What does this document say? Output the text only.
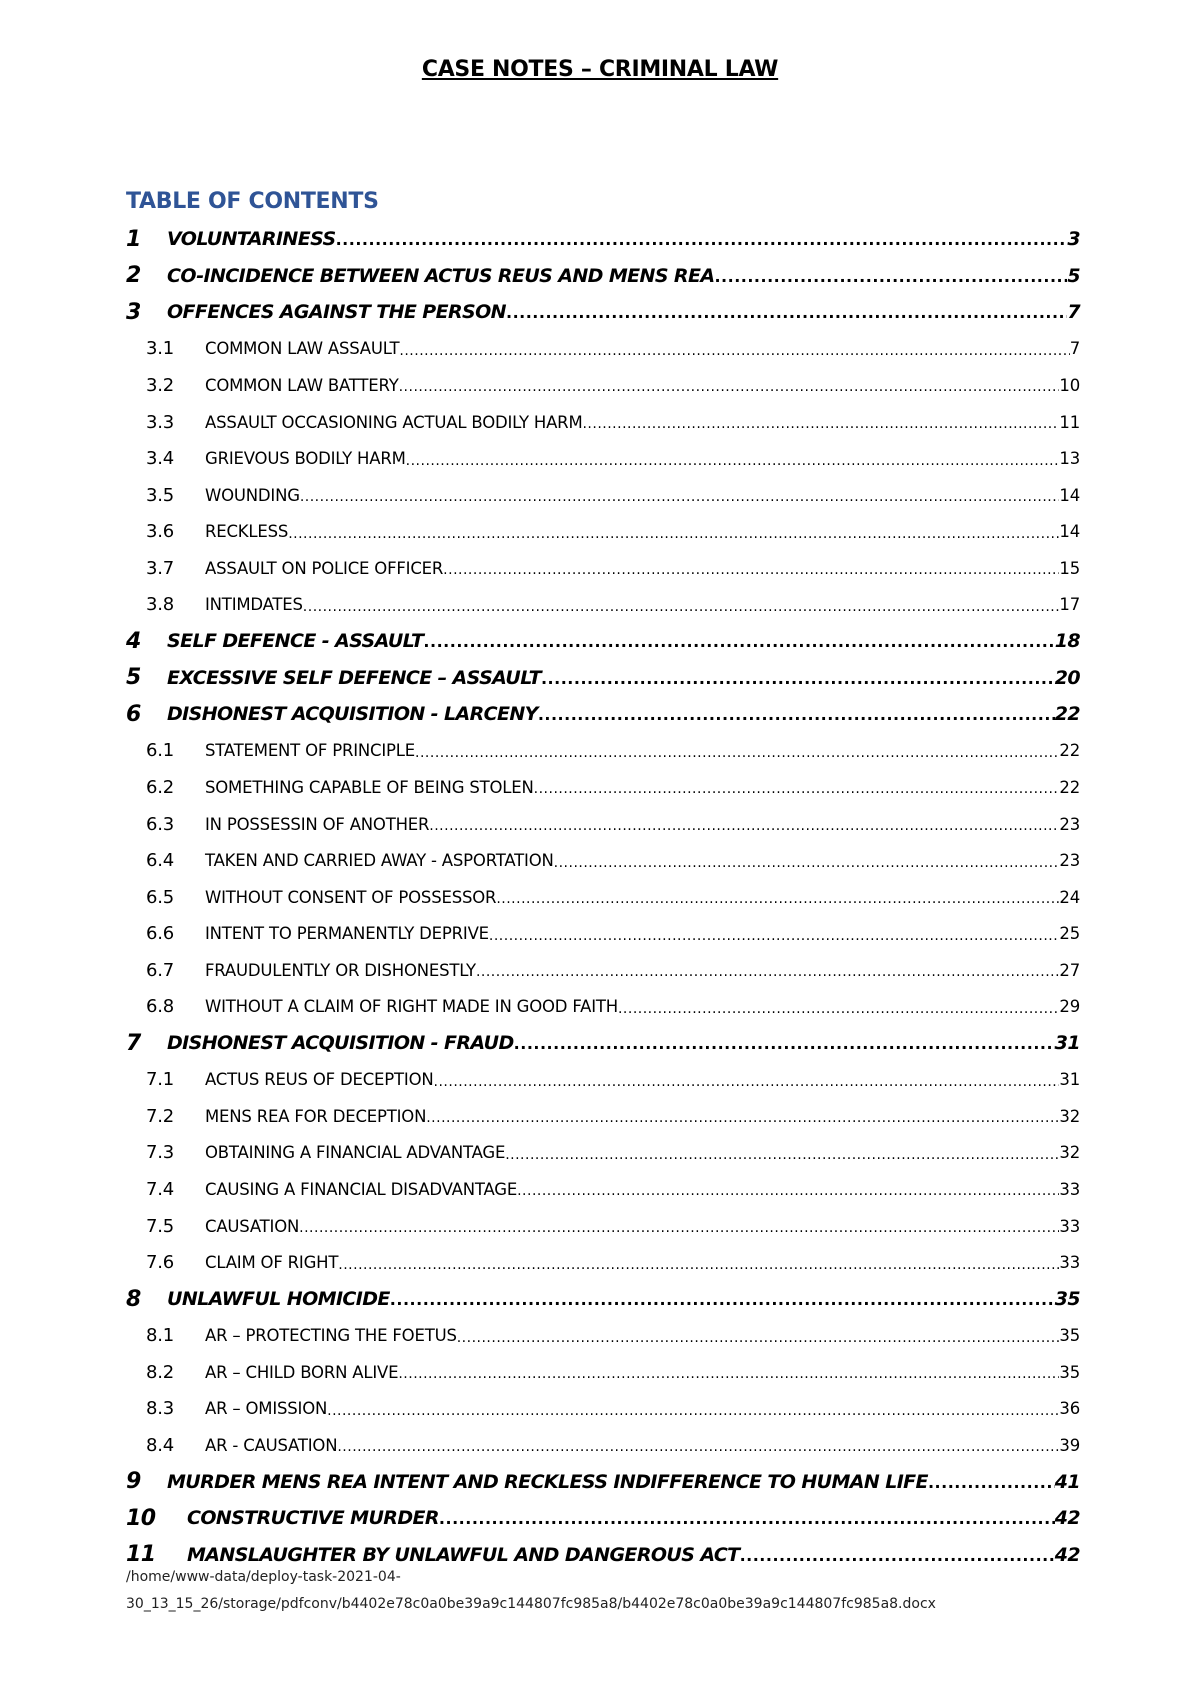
CASE NOTES – CRIMINAL LAW
TABLE OF CONTENTS
1	VOLUNTARINESS .....	3
2	CO-INCIDENCE BETWEEN ACTUS REUS AND MENS REA .....	5
3	OFFENCES AGAINST THE PERSON .....	7
3.1	COMMON LAW ASSAULT .....	7
3.2	COMMON LAW BATTERY .....	10
3.3	ASSAULT OCCASIONING ACTUAL BODILY HARM .....	11
3.4	GRIEVOUS BODILY HARM .....	13
3.5	WOUNDING .....	14
3.6	RECKLESS .....	14
3.7	ASSAULT ON POLICE OFFICER .....	15
3.8	INTIMDATES .....	17
4	SELF DEFENCE - ASSAULT .....	18
5	EXCESSIVE SELF DEFENCE – ASSAULT .....	20
6	DISHONEST ACQUISITION - LARCENY .....	22
6.1	STATEMENT OF PRINCIPLE .....	22
6.2	SOMETHING CAPABLE OF BEING STOLEN .....	22
6.3	IN POSSESSIN OF ANOTHER .....	23
6.4	TAKEN AND CARRIED AWAY - ASPORTATION .....	23
6.5	WITHOUT CONSENT OF POSSESSOR .....	24
6.6	INTENT TO PERMANENTLY DEPRIVE .....	25
6.7	FRAUDULENTLY OR DISHONESTLY .....	27
6.8	WITHOUT A CLAIM OF RIGHT MADE IN GOOD FAITH .....	29
7	DISHONEST ACQUISITION - FRAUD .....	31
7.1	ACTUS REUS OF DECEPTION .....	31
7.2	MENS REA FOR DECEPTION .....	32
7.3	OBTAINING A FINANCIAL ADVANTAGE .....	32
7.4	CAUSING A FINANCIAL DISADVANTAGE .....	33
7.5	CAUSATION .....	33
7.6	CLAIM OF RIGHT .....	33
8	UNLAWFUL HOMICIDE .....	35
8.1	AR – PROTECTING THE FOETUS .....	35
8.2	AR – CHILD BORN ALIVE .....	35
8.3	AR – OMISSION .....	36
8.4	AR - CAUSATION .....	39
9	MURDER MENS REA INTENT AND RECKLESS INDIFFERENCE TO HUMAN LIFE .....	41
10	CONSTRUCTIVE MURDER .....	42
11	MANSLAUGHTER BY UNLAWFUL AND DANGEROUS ACT .....	42
/home/www-data/deploy-task-2021-04-
30_13_15_26/storage/pdfconv/b4402e78c0a0be39a9c144807fc985a8/b4402e78c0a0be39a9c144807fc985a8.docx
